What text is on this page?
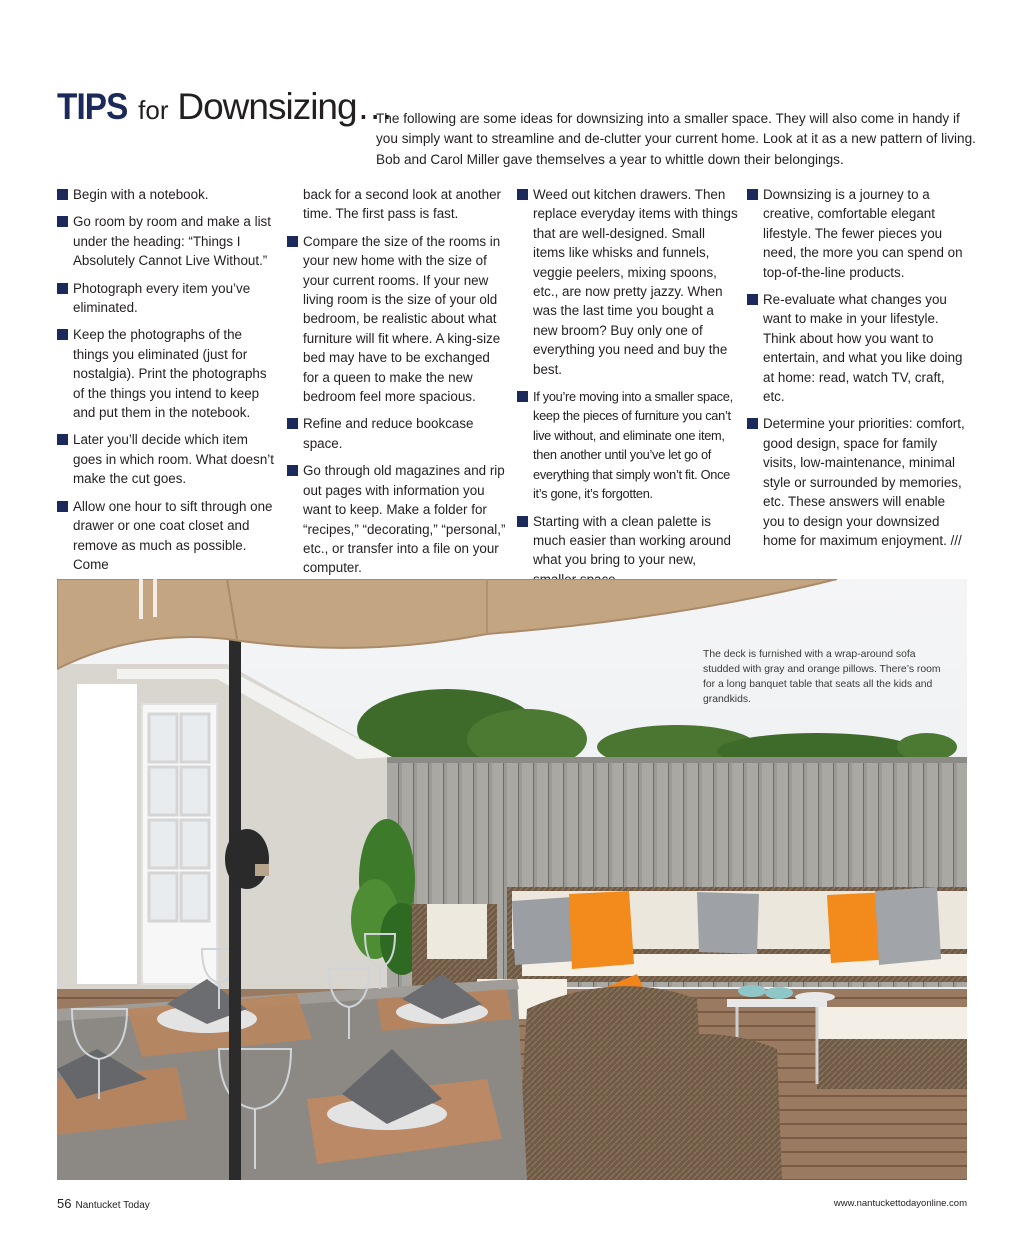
TIPS for Downsizing…

The following are some ideas for downsizing into a smaller space. They will also come in handy if you simply want to streamline and de-clutter your current home. Look at it as a new pattern of living. Bob and Carol Miller gave themselves a year to whittle down their belongings.

Begin with a notebook.
Go room by room and make a list under the heading: “Things I Absolutely Cannot Live Without.”
Photograph every item you’ve eliminated.
Keep the photographs of the things you eliminated (just for nostalgia). Print the photographs of the things you intend to keep and put them in the notebook.
Later you’ll decide which item goes in which room. What doesn’t make the cut goes.
Allow one hour to sift through one drawer or one coat closet and remove as much as possible. Come
back for a second look at another time. The first pass is fast.
Compare the size of the rooms in your new home with the size of your current rooms. If your new living room is the size of your old bedroom, be realistic about what furniture will fit where. A king-size bed may have to be exchanged for a queen to make the new bedroom feel more spacious.
Refine and reduce bookcase space.
Go through old magazines and rip out pages with information you want to keep. Make a folder for “recipes,” “decorating,” “personal,” etc., or transfer into a file on your computer.
Weed out kitchen drawers. Then replace everyday items with things that are well-designed. Small items like whisks and funnels, veggie peelers, mixing spoons, etc., are now pretty jazzy. When was the last time you bought a new broom? Buy only one of everything you need and buy the best.
If you’re moving into a smaller space, keep the pieces of furniture you can’t live without, and eliminate one item, then another until you’ve let go of everything that simply won’t fit. Once it’s gone, it’s forgotten.
Starting with a clean palette is much easier than working around what you bring to your new,
Downsizing is a journey to a creative, comfortable elegant lifestyle. The fewer pieces you need, the more you can spend on top-of-the-line products.
Re-evaluate what changes you want to make in your lifestyle. Think about how you want to entertain, and what you like doing at home: read, watch TV, craft, etc.
Determine your priorities: comfort, good design, space for family visits, low-maintenance, minimal style or surrounded by memories, etc. These answers will enable you to design your downsized home for maximum enjoyment. ///

The deck is furnished with a wrap-around sofa studded with gray and orange pillows. There’s room for a long banquet table that seats all the kids and grandkids.

56 Nantucket Today	www.nantuckettodayonline.com
